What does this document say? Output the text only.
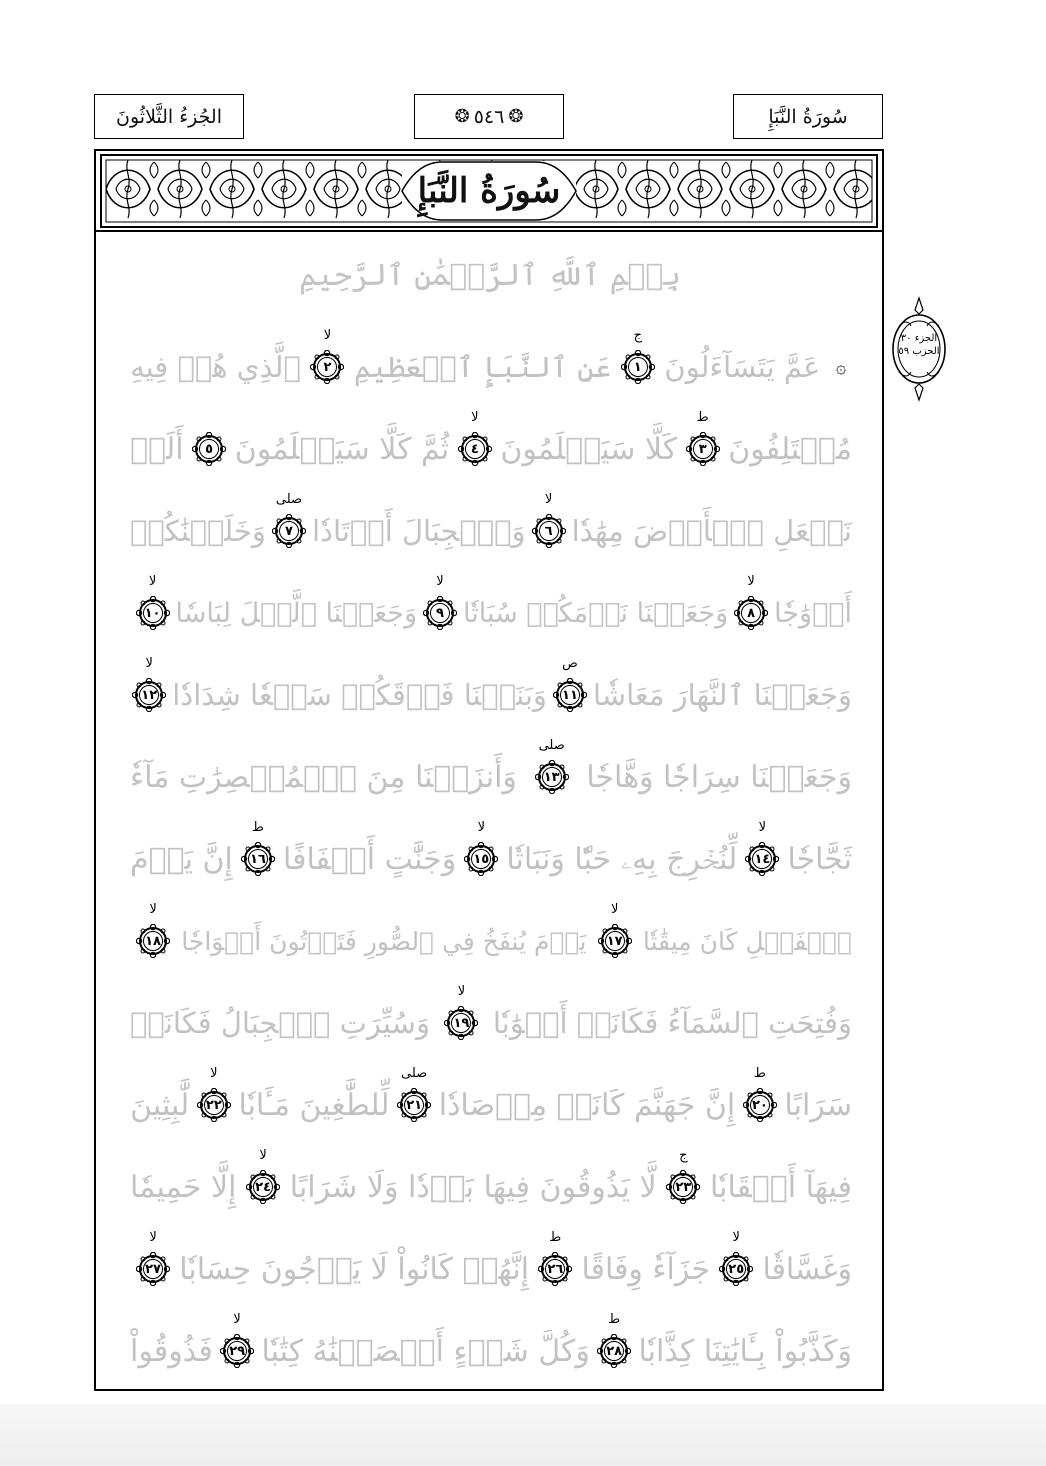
الجُزءُ الثَّلاثُونَ	❂
٥٤٦
❂	سُورَةُ النَّبَإِ
سُورَةُ النَّبَإِ
بِسۡمِ ٱللَّهِ ٱلرَّحۡمَٰنِ ٱلرَّحِيمِ
۞
عَمَّ يَتَسَآءَلُونَ
١
ج
عَنِ ٱلنَّبَإِ ٱلۡعَظِيمِ
٢
لا
ٱلَّذِي هُمۡ فِيهِ
مُخۡتَلِفُونَ
٣
ط
كَلَّا سَيَعۡلَمُونَ
٤
لا
ثُمَّ كَلَّا سَيَعۡلَمُونَ
٥
أَلَمۡ
نَجۡعَلِ ٱلۡأَرۡضَ مِهَٰدٗا
٦
لا
وَٱلۡجِبَالَ أَوۡتَادٗا
٧
صلى
وَخَلَقۡنَٰكُمۡ
أَزۡوَٰجٗا
٨
لا
وَجَعَلۡنَا نَوۡمَكُمۡ سُبَاتٗا
٩
لا
وَجَعَلۡنَا ٱلَّيۡلَ لِبَاسٗا
١٠
لا
وَجَعَلۡنَا ٱلنَّهَارَ مَعَاشٗا
١١
ص
وَبَنَيۡنَا فَوۡقَكُمۡ سَبۡعٗا شِدَادٗا
١٢
لا
وَجَعَلۡنَا سِرَاجٗا وَهَّاجٗا
١٣
صلى
وَأَنزَلۡنَا مِنَ ٱلۡمُعۡصِرَٰتِ مَآءٗ
ثَجَّاجٗا
١٤
لا
لِّنُخۡرِجَ بِهِۦ حَبّٗا وَنَبَاتٗا
١٥
لا
وَجَنَّٰتٍ أَلۡفَافًا
١٦
ط
إِنَّ يَوۡمَ
ٱلۡفَصۡلِ كَانَ مِيقَٰتٗا
١٧
لا
يَوۡمَ يُنفَخُ فِي ٱلصُّورِ فَتَأۡتُونَ أَفۡوَاجٗا
١٨
لا
وَفُتِحَتِ ٱلسَّمَآءُ فَكَانَتۡ أَبۡوَٰبٗا
١٩
لا
وَسُيِّرَتِ ٱلۡجِبَالُ فَكَانَتۡ
سَرَابًا
٢٠
ط
إِنَّ جَهَنَّمَ كَانَتۡ مِرۡصَادٗا
٢١
صلى
لِّلطَّٰغِينَ مَـَٔابٗا
٢٢
لا
لَّٰبِثِينَ
فِيهَآ أَحۡقَابٗا
٢٣
ج
لَّا يَذُوقُونَ فِيهَا بَرۡدٗا وَلَا شَرَابًا
٢٤
لا
إِلَّا حَمِيمٗا
وَغَسَّاقٗا
٢٥
لا
جَزَآءٗ وِفَاقًا
٢٦
ط
إِنَّهُمۡ كَانُواْ لَا يَرۡجُونَ حِسَابٗا
٢٧
لا
وَكَذَّبُواْ بِـَٔايَٰتِنَا كِذَّابٗا
٢٨
ط
وَكُلَّ شَيۡءٍ أَحۡصَيۡنَٰهُ كِتَٰبٗا
٢٩
لا
فَذُوقُواْ
الجزء ٣٠
الحزب ٥٩
